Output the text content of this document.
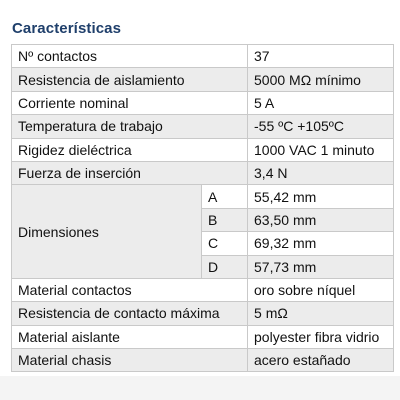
Características
Nº contactos		37
Resistencia de aislamiento		5000 MΩ mínimo
Corriente nominal		5 A
Temperatura de trabajo		-55 ºC +105ºC
Rigidez dieléctrica		1000 VAC 1 minuto
Fuerza de inserción		3,4 N
Dimensiones	A	55,42 mm
	B	63,50 mm
	C	69,32 mm
	D	57,73 mm
Material contactos		oro sobre níquel
Resistencia de contacto máxima		5 mΩ
Material aislante		polyester fibra vidrio
Material chasis		acero estañado
